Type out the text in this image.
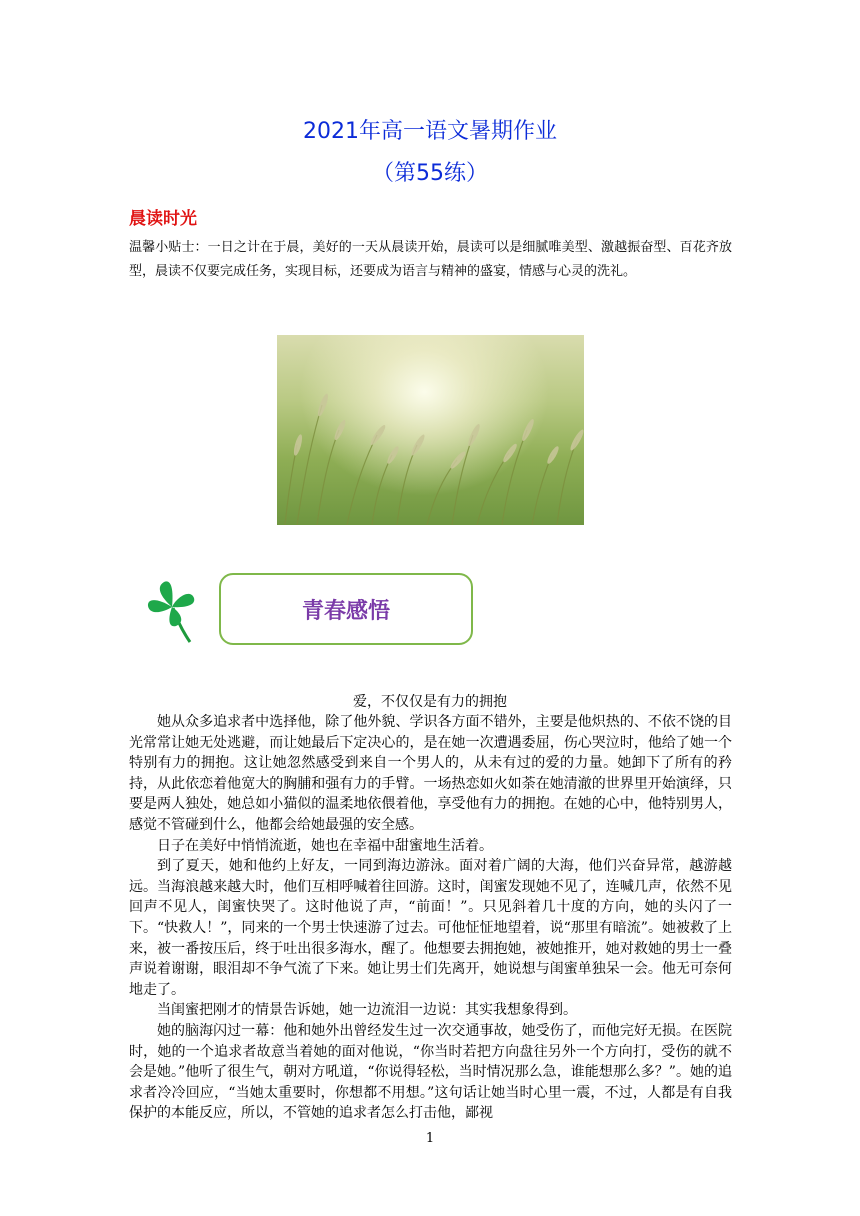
2021年高一语文暑期作业
（第55练）
晨读时光
温馨小贴士：一日之计在于晨，美好的一天从晨读开始，晨读可以是细腻唯美型、激越振奋型、百花齐放型，晨读不仅要完成任务，实现目标，还要成为语言与精神的盛宴，情感与心灵的洗礼。
青春感悟
爱，不仅仅是有力的拥抱

她从众多追求者中选择他，除了他外貌、学识各方面不错外，主要是他炽热的、不依不饶的目光常常让她无处逃避，而让她最后下定决心的，是在她一次遭遇委屈，伤心哭泣时，他给了她一个特别有力的拥抱。这让她忽然感受到来自一个男人的，从未有过的爱的力量。她卸下了所有的矜持，从此依恋着他宽大的胸脯和强有力的手臂。一场热恋如火如荼在她清澈的世界里开始演绎，只要是两人独处，她总如小猫似的温柔地依偎着他，享受他有力的拥抱。在她的心中，他特别男人，感觉不管碰到什么，他都会给她最强的安全感。

日子在美好中悄悄流逝，她也在幸福中甜蜜地生活着。

到了夏天，她和他约上好友，一同到海边游泳。面对着广阔的大海，他们兴奋异常，越游越远。当海浪越来越大时，他们互相呼喊着往回游。这时，闺蜜发现她不见了，连喊几声，依然不见回声不见人，闺蜜快哭了。这时他说了声，“前面！”。只见斜着几十度的方向，她的头闪了一下。“快救人！”，同来的一个男士快速游了过去。可他怔怔地望着，说“那里有暗流”。她被救了上来，被一番按压后，终于吐出很多海水，醒了。他想要去拥抱她，被她推开，她对救她的男士一叠声说着谢谢，眼泪却不争气流了下来。她让男士们先离开，她说想与闺蜜单独呆一会。他无可奈何地走了。

当闺蜜把刚才的情景告诉她，她一边流泪一边说：其实我想象得到。

她的脑海闪过一幕：他和她外出曾经发生过一次交通事故，她受伤了，而他完好无损。在医院时，她的一个追求者故意当着她的面对他说，“你当时若把方向盘往另外一个方向打，受伤的就不会是她。”他听了很生气，朝对方吼道，“你说得轻松，当时情况那么急，谁能想那么多？”。她的追求者冷冷回应，“当她太重要时，你想都不用想。”这句话让她当时心里一震，不过，人都是有自我保护的本能反应，所以，不管她的追求者怎么打击他，鄙视

1
